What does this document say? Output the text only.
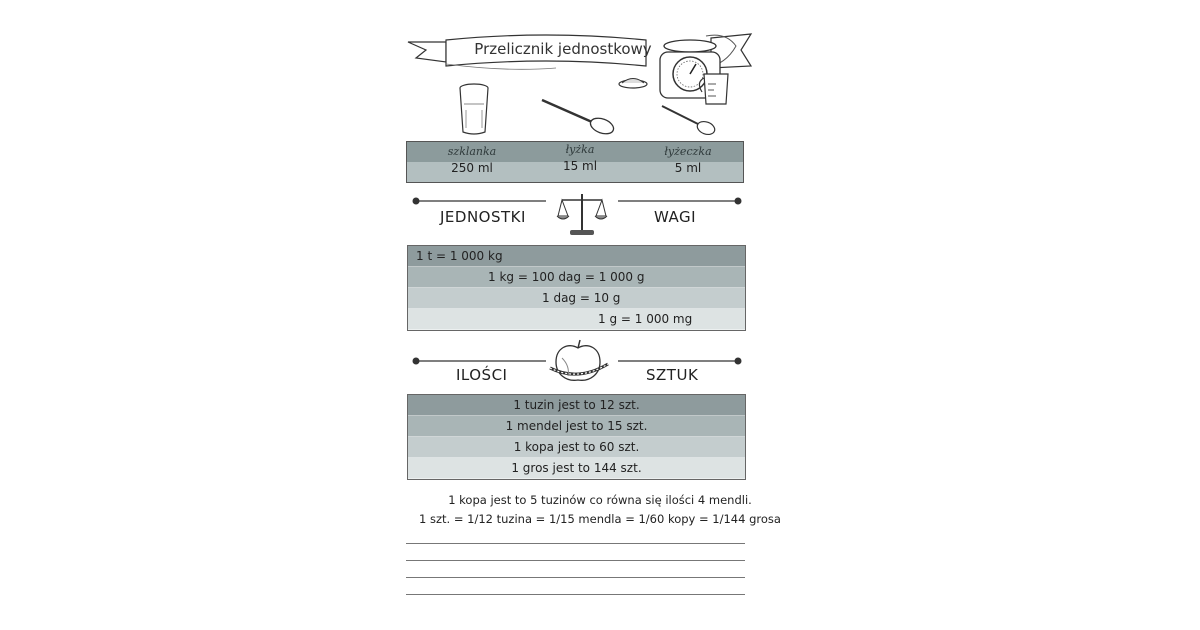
Przelicznik jednostkowy
szklanka
250 ml
łyżka
15 ml
łyżeczka
5 ml
JEDNOSTKI	WAGI
1 t = 1 000 kg
1 kg = 100 dag = 1 000 g
1 dag = 10 g
1 g = 1 000 mg
ILOŚCI	SZTUK
1 tuzin jest to 12 szt.
1 mendel jest to 15 szt.
1 kopa jest to 60 szt.
1 gros jest to 144 szt.
1 kopa jest to 5 tuzinów co równa się ilości 4 mendli.
1 szt. = 1/12 tuzina = 1/15 mendla = 1/60 kopy = 1/144 grosa
